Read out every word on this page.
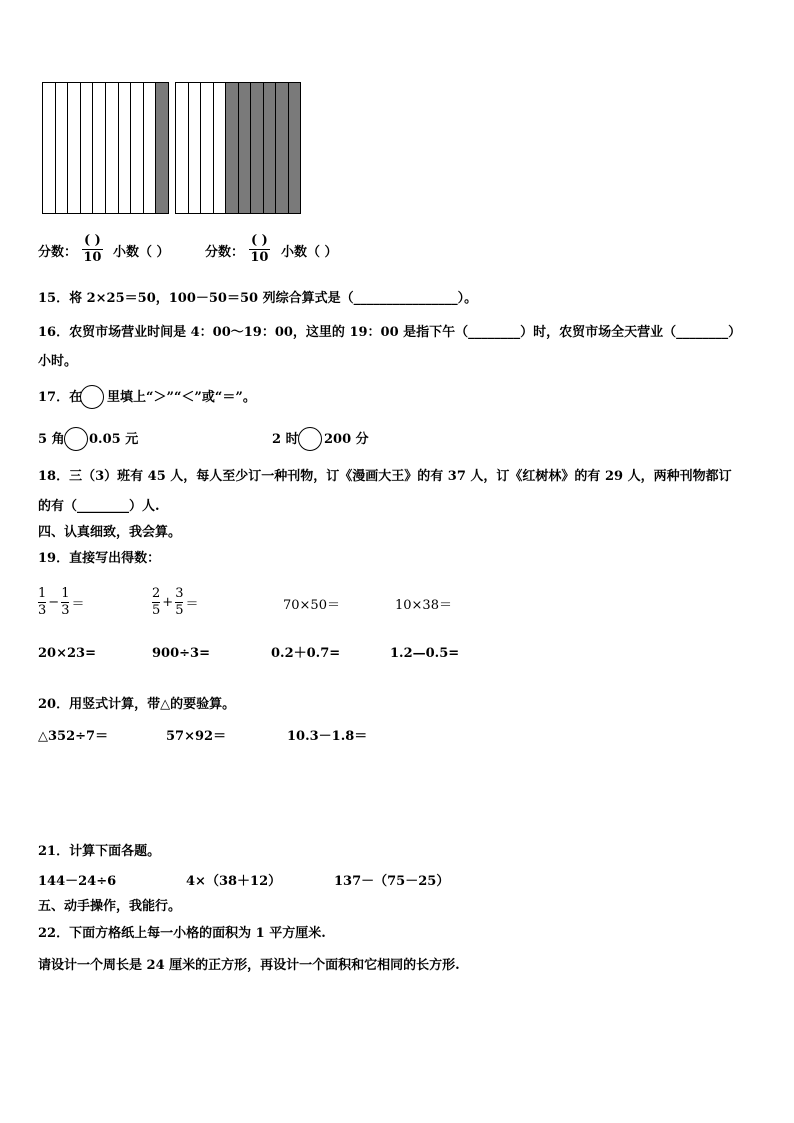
分数：
( )
10 小数（ ）	分数：
( )
10 小数（ ）
15．将 2×25＝50，100－50＝50 列综合算式是（________________）。
16．农贸市场营业时间是 4：00～19：00，这里的 19：00 是指下午（________）时，农贸市场全天营业（________）
小时。
17．在 里填上“＞”“＜”或“＝”。
5 角 0.05 元	2 时 200 分
18．三（3）班有 45 人，每人至少订一种刊物，订《漫画大王》的有 37 人，订《红树林》的有 29 人，两种刊物都订
的有（________）人.
四、认真细致，我会算。
19．直接写出得数：
$\frac{1}{3} - \frac{1}{3}$ ＝	$\frac{2}{5} + \frac{3}{5}$ ＝	70×50＝	10×38＝
20×23=	900÷3=	0.2＋0.7=	1.2—0.5=
20．用竖式计算，带△的要验算。
△352÷7＝	57×92＝	10.3－1.8＝
21．计算下面各题。
144－24÷6	4×（38＋12）	137－（75－25）
五、动手操作，我能行。
22．下面方格纸上每一小格的面积为 1 平方厘米.
请设计一个周长是 24 厘米的正方形，再设计一个面积和它相同的长方形.
